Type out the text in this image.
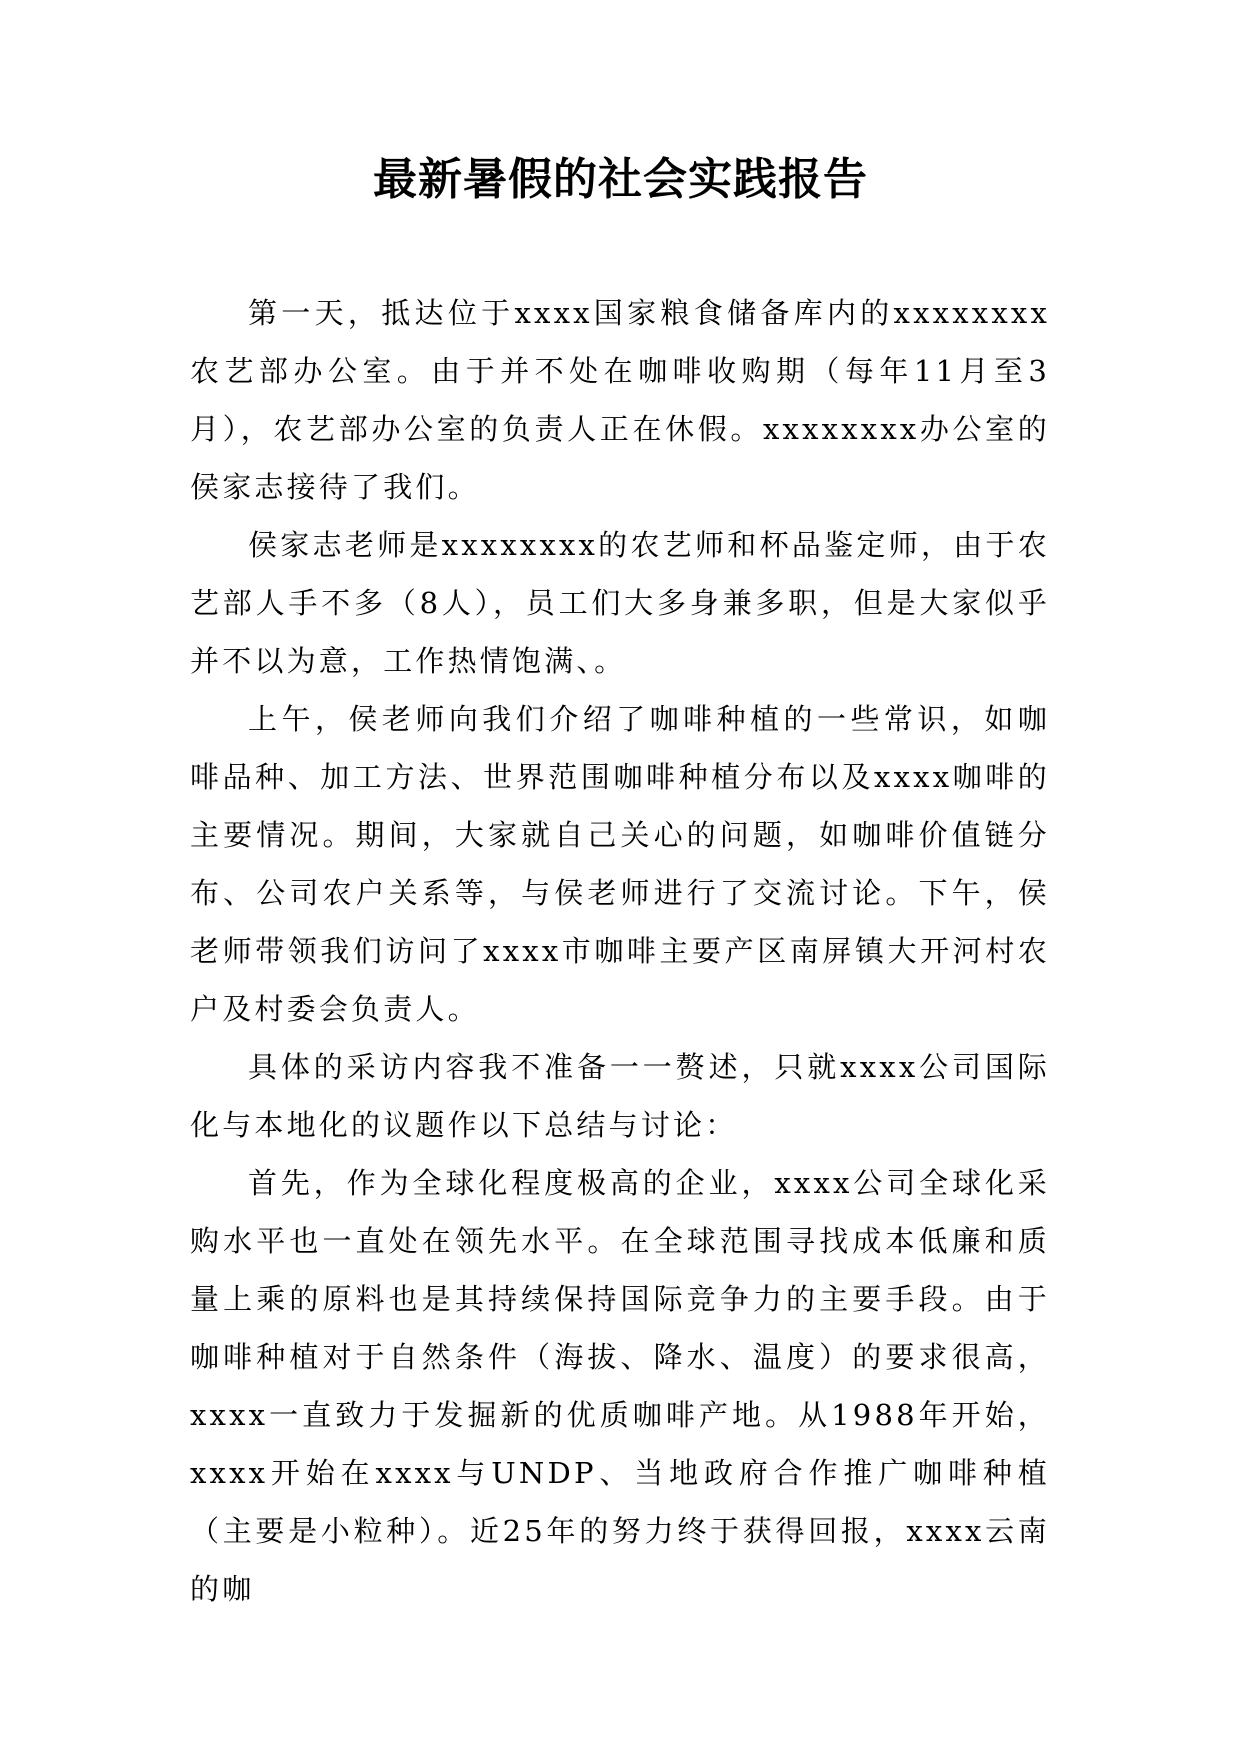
最新暑假的社会实践报告

第一天，抵达位于xxxx国家粮食储备库内的xxxxxxxx农艺部办公室。由于并不处在咖啡收购期（每年11月至3月），农艺部办公室的负责人正在休假。xxxxxxxx办公室的侯家志接待了我们。

侯家志老师是xxxxxxxx的农艺师和杯品鉴定师，由于农艺部人手不多（8人），员工们大多身兼多职，但是大家似乎并不以为意，工作热情饱满、。

上午，侯老师向我们介绍了咖啡种植的一些常识，如咖啡品种、加工方法、世界范围咖啡种植分布以及xxxx咖啡的主要情况。期间，大家就自己关心的问题，如咖啡价值链分布、公司农户关系等，与侯老师进行了交流讨论。下午，侯老师带领我们访问了xxxx市咖啡主要产区南屏镇大开河村农户及村委会负责人。

具体的采访内容我不准备一一赘述，只就xxxx公司国际化与本地化的议题作以下总结与讨论：

首先，作为全球化程度极高的企业，xxxx公司全球化采购水平也一直处在领先水平。在全球范围寻找成本低廉和质量上乘的原料也是其持续保持国际竞争力的主要手段。由于咖啡种植对于自然条件（海拔、降水、温度）的要求很高，xxxx一直致力于发掘新的优质咖啡产地。从1988年开始，xxxx开始在xxxx与UNDP、当地政府合作推广咖啡种植（主要是小粒种）。近25年的努力终于获得回报，xxxx云南的咖
